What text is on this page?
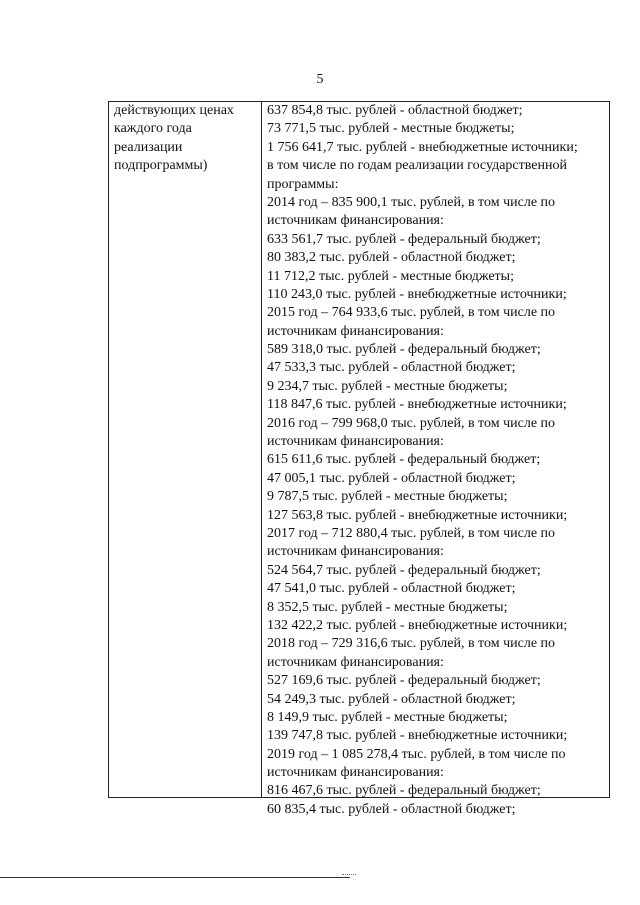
5
действующих ценах
каждого года
реализации
подпрограммы)
637 854,8 тыс. рублей - областной бюджет;
73 771,5 тыс. рублей - местные бюджеты;
1 756 641,7 тыс. рублей - внебюджетные источники;
в том числе по годам реализации государственной
программы:
2014 год – 835 900,1 тыс. рублей, в том числе по
источникам финансирования:
633 561,7 тыс. рублей - федеральный бюджет;
80 383,2 тыс. рублей - областной бюджет;
11 712,2 тыс. рублей - местные бюджеты;
110 243,0 тыс. рублей - внебюджетные источники;
2015 год – 764 933,6 тыс. рублей, в том числе по
источникам финансирования:
589 318,0 тыс. рублей - федеральный бюджет;
47 533,3 тыс. рублей - областной бюджет;
9 234,7 тыс. рублей - местные бюджеты;
118 847,6 тыс. рублей - внебюджетные источники;
2016 год – 799 968,0 тыс. рублей, в том числе по
источникам финансирования:
615 611,6 тыс. рублей - федеральный бюджет;
47 005,1 тыс. рублей - областной бюджет;
9 787,5 тыс. рублей - местные бюджеты;
127 563,8 тыс. рублей - внебюджетные источники;
2017 год – 712 880,4 тыс. рублей, в том числе по
источникам финансирования:
524 564,7 тыс. рублей - федеральный бюджет;
47 541,0 тыс. рублей - областной бюджет;
8 352,5 тыс. рублей - местные бюджеты;
132 422,2 тыс. рублей - внебюджетные источники;
2018 год – 729 316,6 тыс. рублей, в том числе по
источникам финансирования:
527 169,6 тыс. рублей - федеральный бюджет;
54 249,3 тыс. рублей - областной бюджет;
8 149,9 тыс. рублей - местные бюджеты;
139 747,8 тыс. рублей - внебюджетные источники;
2019 год – 1 085 278,4 тыс. рублей, в том числе по
источникам финансирования:
816 467,6 тыс. рублей - федеральный бюджет;
60 835,4 тыс. рублей - областной бюджет;
